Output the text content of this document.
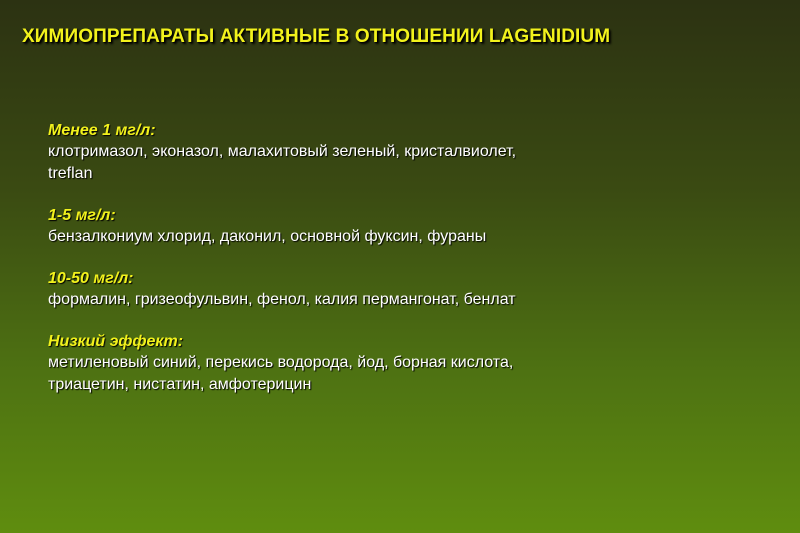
ХИМИОПРЕПАРАТЫ АКТИВНЫЕ В ОТНОШЕНИИ LAGENIDIUM
Менее 1 мг/л:
клотримазол, эконазол, малахитовый зеленый, кристалвиолет,
treflan
1-5 мг/л:
бензалкониум хлорид, даконил, основной фуксин, фураны
10-50 мг/л:
формалин, гризеофульвин, фенол, калия пермангонат, бенлат
Низкий эффект:
метиленовый синий, перекись водорода, йод, борная кислота,
триацетин, нистатин, амфотерицин
